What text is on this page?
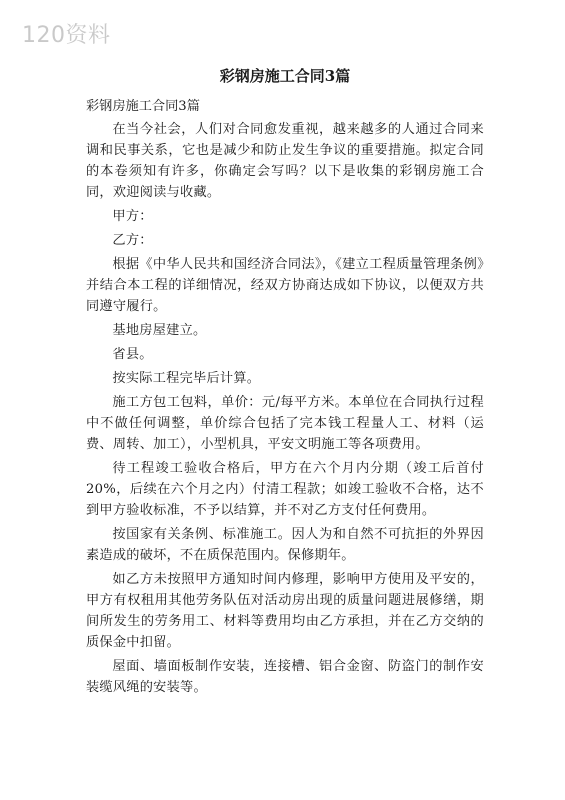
120资料
彩钢房施工合同3篇
彩钢房施工合同3篇

在当今社会，人们对合同愈发重视，越来越多的人通过合同来调和民事关系，它也是减少和防止发生争议的重要措施。拟定合同的本卷须知有许多，你确定会写吗？以下是收集的彩钢房施工合同，欢迎阅读与收藏。

甲方：

乙方：

根据《中华人民共和国经济合同法》，《建立工程质量管理条例》并结合本工程的详细情况，经双方协商达成如下协议，以便双方共同遵守履行。

基地房屋建立。

省县。

按实际工程完毕后计算。

施工方包工包料，单价：元/每平方米。本单位在合同执行过程中不做任何调整，单价综合包括了完本钱工程量人工、材料（运费、周转、加工），小型机具，平安文明施工等各项费用。

待工程竣工验收合格后，甲方在六个月内分期（竣工后首付20%，后续在六个月之内）付清工程款；如竣工验收不合格，达不到甲方验收标准，不予以结算，并不对乙方支付任何费用。

按国家有关条例、标准施工。因人为和自然不可抗拒的外界因素造成的破坏，不在质保范围内。保修期年。

如乙方未按照甲方通知时间内修理，影响甲方使用及平安的，甲方有权租用其他劳务队伍对活动房出现的质量问题进展修缮，期间所发生的劳务用工、材料等费用均由乙方承担，并在乙方交纳的质保金中扣留。

屋面、墙面板制作安装，连接槽、铝合金窗、防盗门的制作安装缆风绳的安装等。
